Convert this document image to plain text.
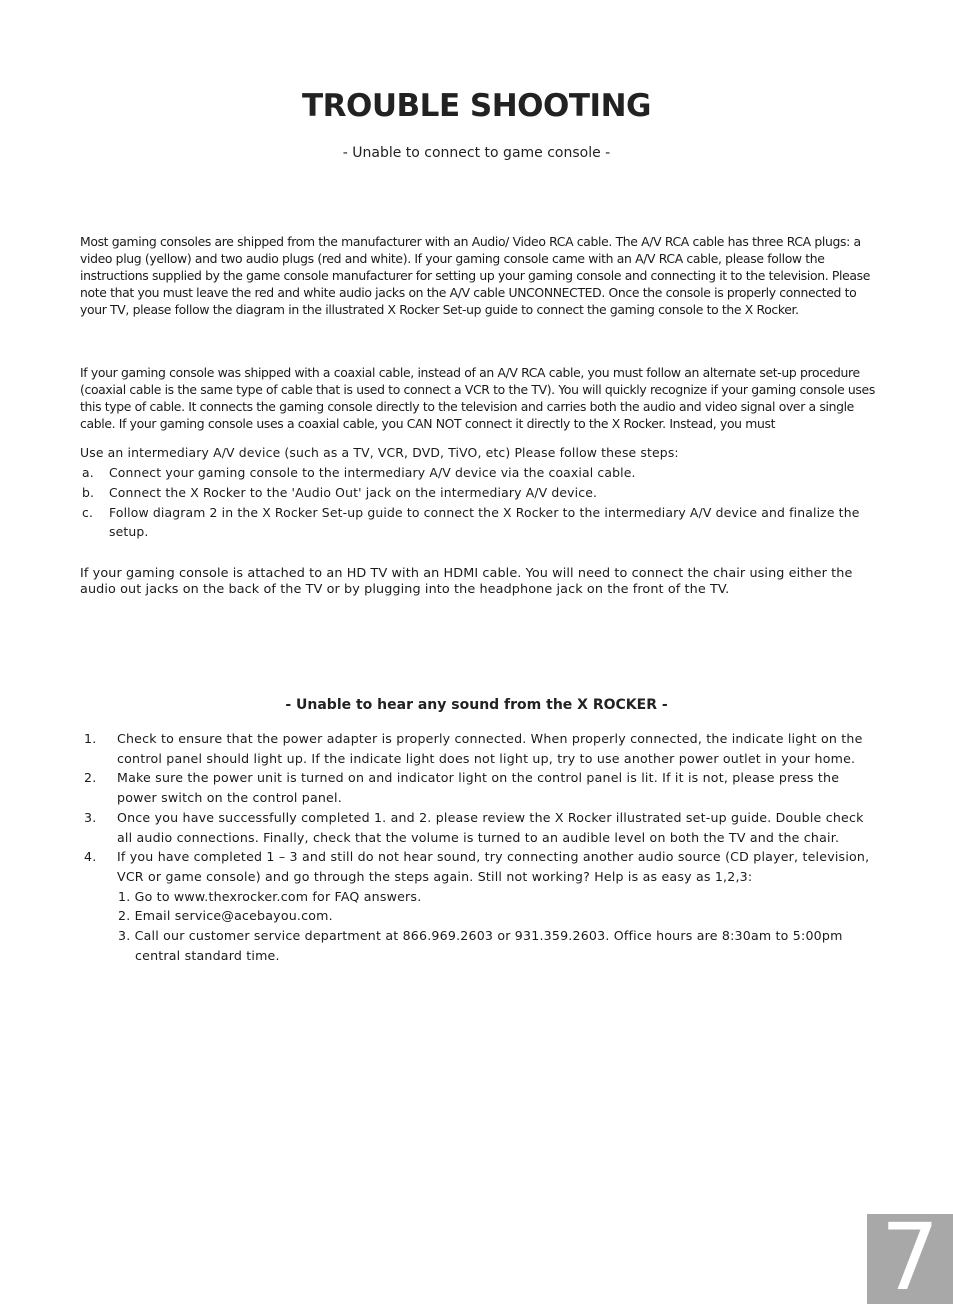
TROUBLE SHOOTING

- Unable to connect to game console -

Most gaming consoles are shipped from the manufacturer with an Audio/ Video RCA cable. The A/V RCA cable has three RCA plugs: a video plug (yellow) and two audio plugs (red and white). If your gaming console came with an A/V RCA cable, please follow the instructions supplied by the game console manufacturer for setting up your gaming console and connecting it to the television. Please note that you must leave the red and white audio jacks on the A/V cable UNCONNECTED. Once the console is properly connected to your TV, please follow the diagram in the illustrated X Rocker Set-up guide to connect the gaming console to the X Rocker.

If your gaming console was shipped with a coaxial cable, instead of an A/V RCA cable, you must follow an alternate set-up procedure (coaxial cable is the same type of cable that is used to connect a VCR to the TV). You will quickly recognize if your gaming console uses this type of cable. It connects the gaming console directly to the television and carries both the audio and video signal over a single cable. If your gaming console uses a coaxial cable, you CAN NOT connect it directly to the X Rocker. Instead, you must

Use an intermediary A/V device (such as a TV, VCR, DVD, TiVO, etc) Please follow these steps:

a. Connect your gaming console to the intermediary A/V device via the coaxial cable.
b. Connect the X Rocker to the 'Audio Out' jack on the intermediary A/V device.
c. Follow diagram 2 in the X Rocker Set-up guide to connect the X Rocker to the intermediary A/V device and finalize the setup.

If your gaming console is attached to an HD TV with an HDMI cable. You will need to connect the chair using either the audio out jacks on the back of the TV or by plugging into the headphone jack on the front of the TV.

- Unable to hear any sound from the X ROCKER -

1. Check to ensure that the power adapter is properly connected. When properly connected, the indicate light on the control panel should light up. If the indicate light does not light up, try to use another power outlet in your home.
2. Make sure the power unit is turned on and indicator light on the control panel is lit. If it is not, please press the power switch on the control panel.
3. Once you have successfully completed 1. and 2. please review the X Rocker illustrated set-up guide. Double check all audio connections. Finally, check that the volume is turned to an audible level on both the TV and the chair.
4. If you have completed 1 – 3 and still do not hear sound, try connecting another audio source (CD player, television, VCR or game console) and go through the steps again. Still not working? Help is as easy as 1,2,3:
1. Go to www.thexrocker.com for FAQ answers.
2. Email service@acebayou.com.
3. Call our customer service department at 866.969.2603 or 931.359.2603. Office hours are 8:30am to 5:00pm central standard time.
7
